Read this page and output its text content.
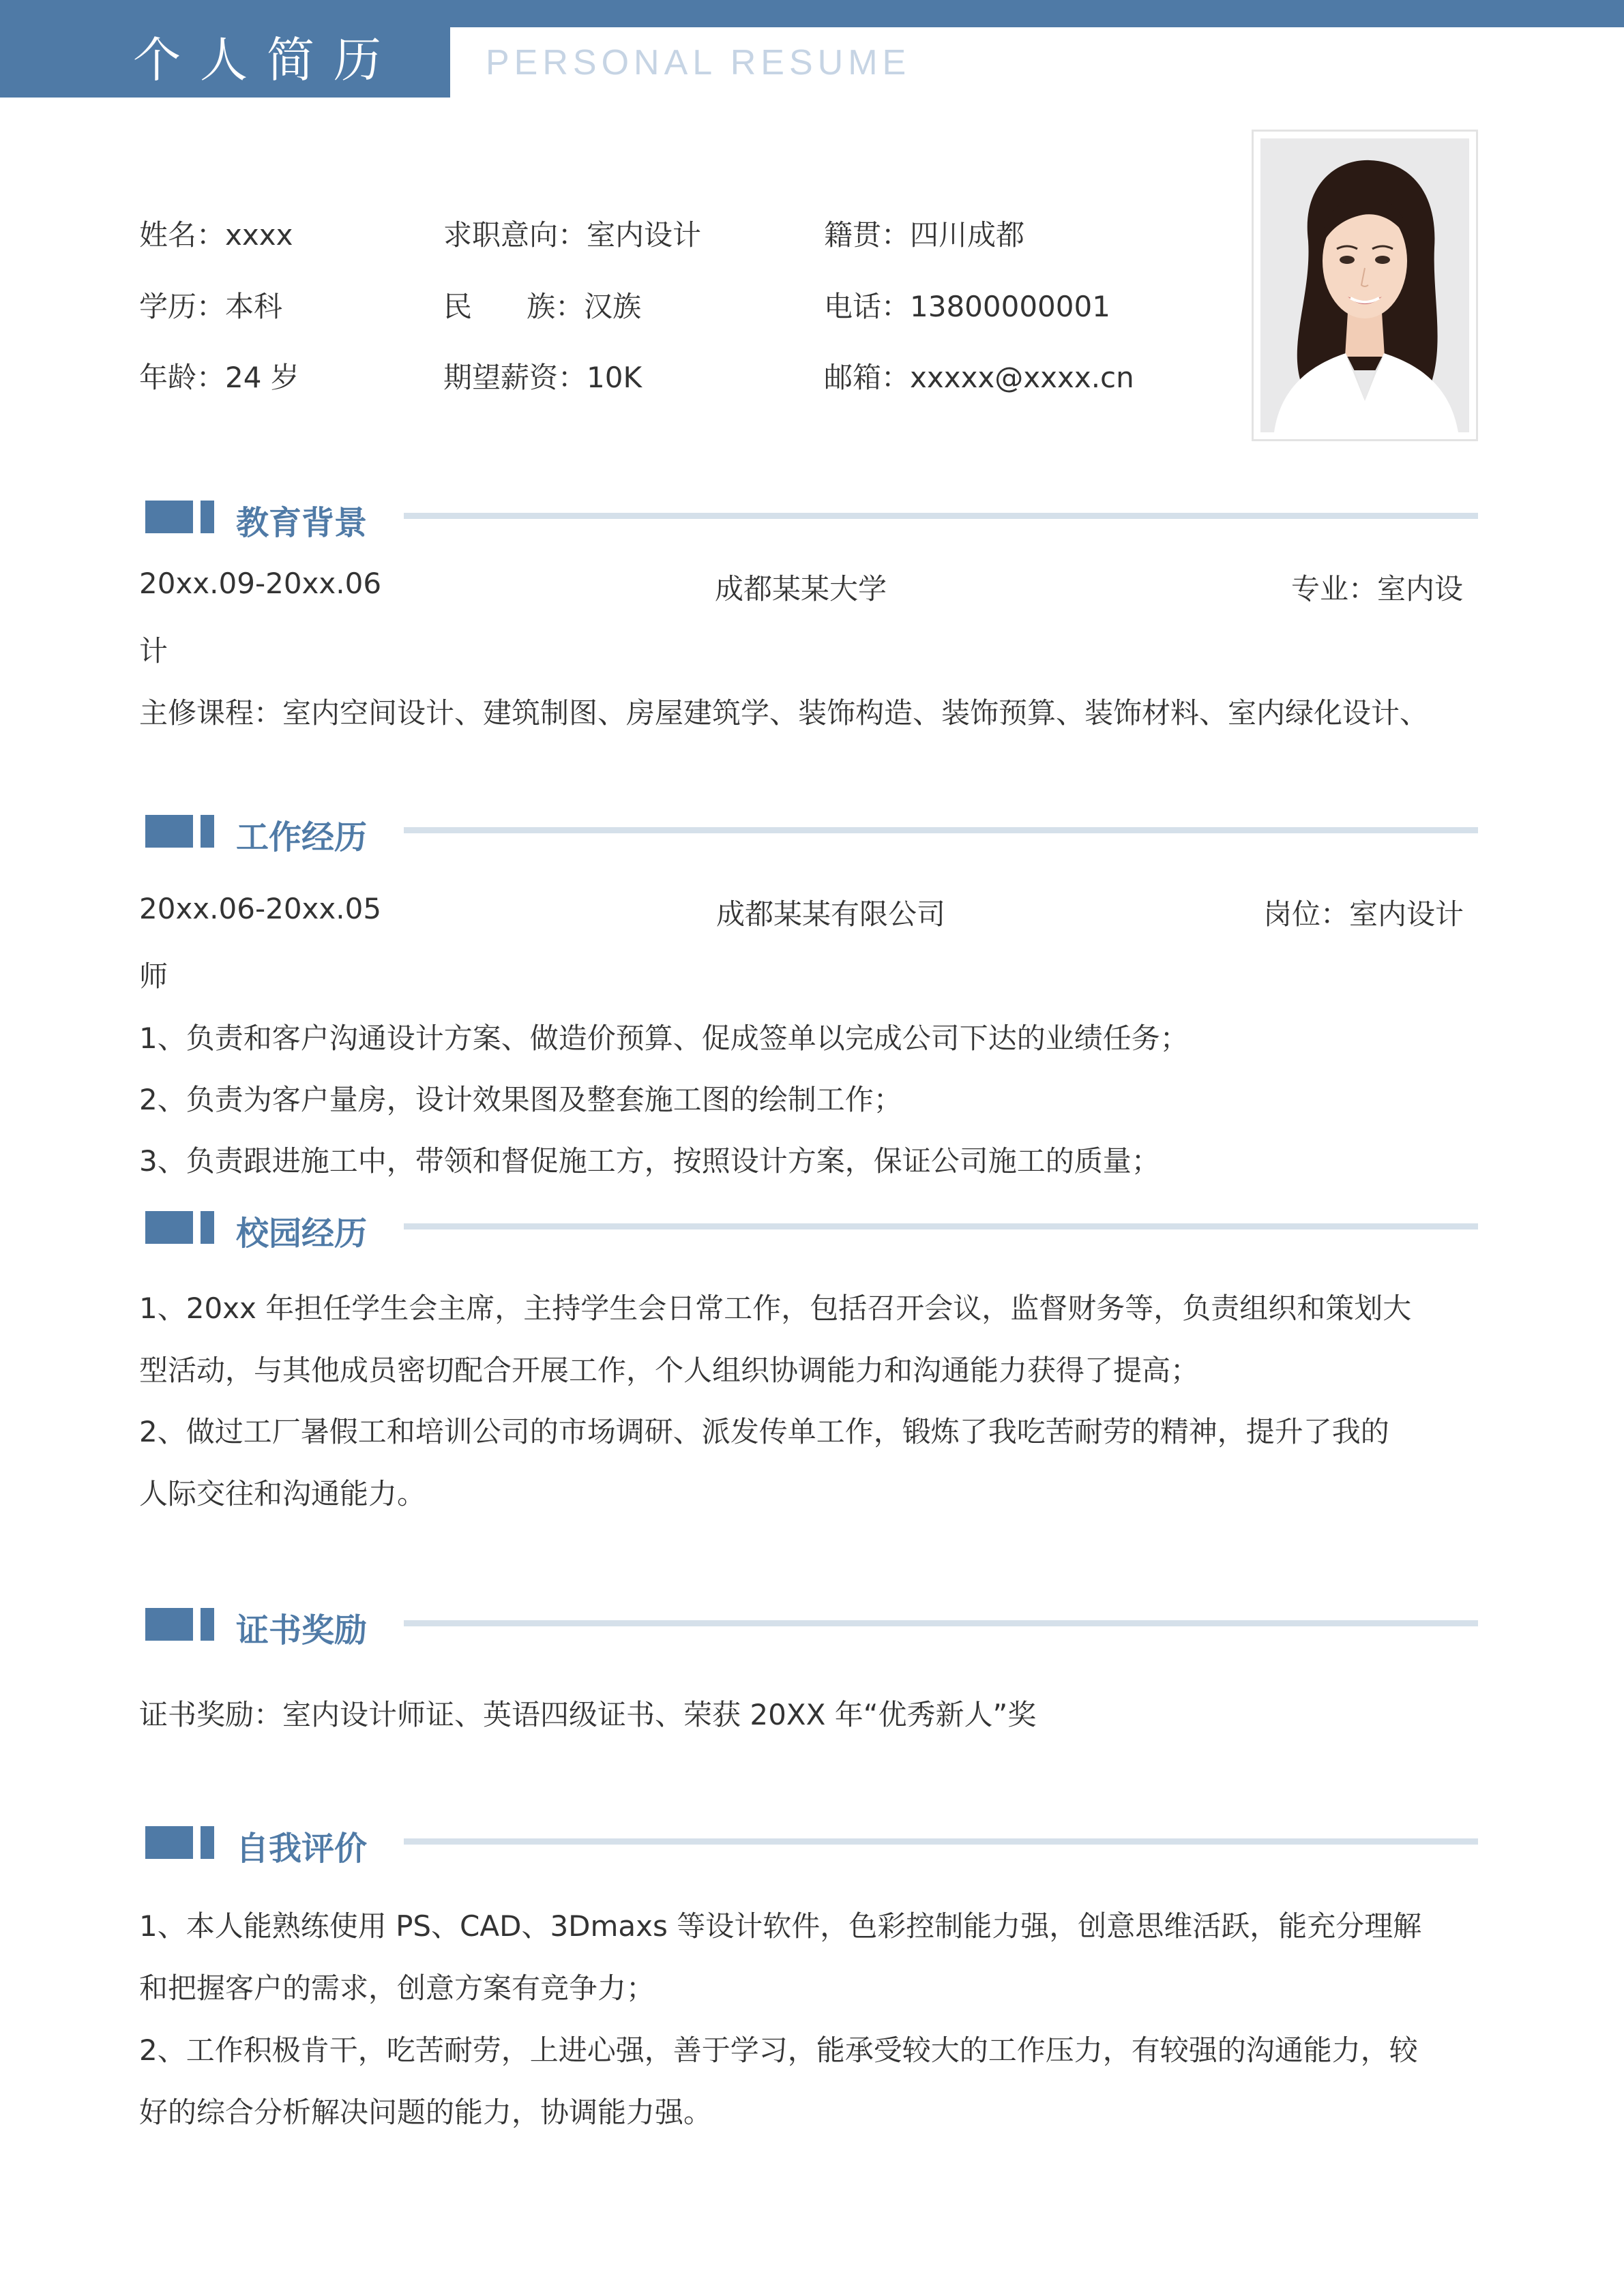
个人简历 PERSONAL RESUME
姓名：xxxx	求职意向：室内设计	籍贯：四川成都
学历：本科	民      族：汉族	电话：13800000001
年龄：24 岁	期望薪资：10K	邮箱：xxxxx@xxxx.cn
教育背景
20xx.09-20xx.06	成都某某大学	专业：室内设
计
主修课程：室内空间设计、建筑制图、房屋建筑学、装饰构造、装饰预算、装饰材料、室内绿化设计、
工作经历
20xx.06-20xx.05	成都某某有限公司	岗位：室内设计
师
1、负责和客户沟通设计方案、做造价预算、促成签单以完成公司下达的业绩任务；
2、负责为客户量房，设计效果图及整套施工图的绘制工作；
3、负责跟进施工中，带领和督促施工方，按照设计方案，保证公司施工的质量；
校园经历
1、20xx 年担任学生会主席，主持学生会日常工作，包括召开会议，监督财务等，负责组织和策划大
型活动，与其他成员密切配合开展工作，个人组织协调能力和沟通能力获得了提高；
2、做过工厂暑假工和培训公司的市场调研、派发传单工作，锻炼了我吃苦耐劳的精神，提升了我的
人际交往和沟通能力。
证书奖励
证书奖励：室内设计师证、英语四级证书、荣获 20XX 年“优秀新人”奖
自我评价
1、本人能熟练使用 PS、CAD、3Dmaxs 等设计软件，色彩控制能力强，创意思维活跃，能充分理解
和把握客户的需求，创意方案有竞争力；
2、工作积极肯干，吃苦耐劳，上进心强，善于学习，能承受较大的工作压力，有较强的沟通能力，较
好的综合分析解决问题的能力，协调能力强。
